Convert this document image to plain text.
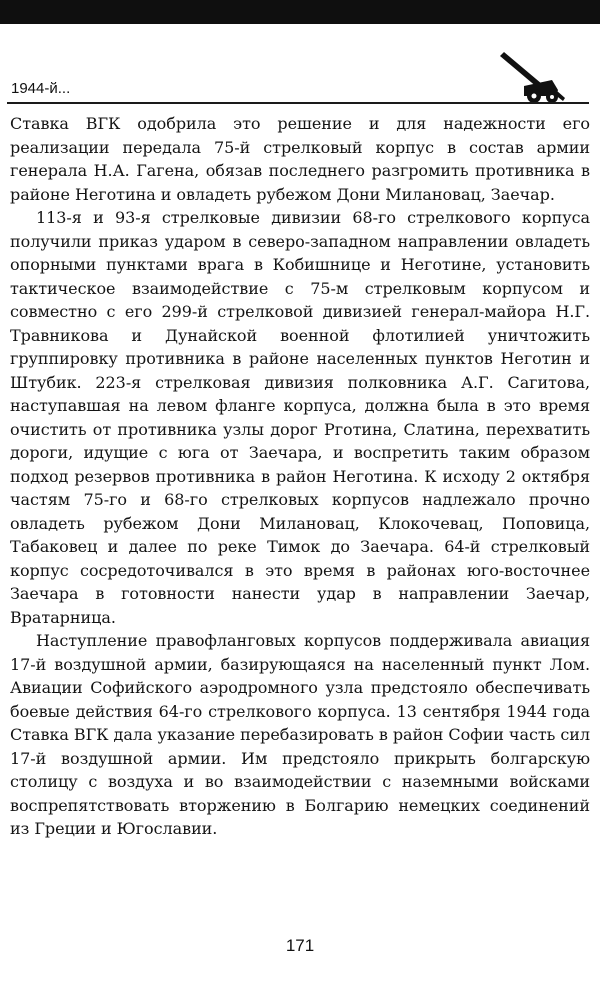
1944-й...

Ставка ВГК одобрила это решение и для надежности его реализации передала 75-й стрелковый корпус в состав армии генерала Н.А. Гагена, обязав последнего разгромить противника в районе Неготина и овладеть рубежом Дони Милановац, Заечар.

113-я и 93-я стрелковые дивизии 68-го стрелкового корпуса получили приказ ударом в северо-западном направлении овладеть опорными пунктами врага в Кобишнице и Неготине, установить тактическое взаимодействие с 75-м стрелковым корпусом и совместно с его 299-й стрелковой дивизией генерал-майора Н.Г. Травникова и Дунайской военной флотилией уничтожить группировку противника в районе населенных пунктов Неготин и Штубик. 223-я стрелковая дивизия полковника А.Г. Сагитова, наступавшая на левом фланге корпуса, должна была в это время очистить от противника узлы дорог Рготина, Слатина, перехватить дороги, идущие с юга от Заечара, и воспретить таким образом подход резервов противника в район Неготина. К исходу 2 октября частям 75-го и 68-го стрелковых корпусов надлежало прочно овладеть рубежом Дони Милановац, Клокочевац, Поповица, Табаковец и далее по реке Тимок до Заечара. 64-й стрелковый корпус сосредоточивался в это время в районах юго-восточнее Заечара в готовности нанести удар в направлении Заечар, Вратарница.

Наступление правофланговых корпусов поддерживала авиация 17-й воздушной армии, базирующаяся на населенный пункт Лом. Авиации Софийского аэродромного узла предстояло обеспечивать боевые действия 64-го стрелкового корпуса. 13 сентября 1944 года Ставка ВГК дала указание перебазировать в район Софии часть сил 17-й воздушной армии. Им предстояло прикрыть болгарскую столицу с воздуха и во взаимодействии с наземными войсками воспрепятствовать вторжению в Болгарию немецких соединений из Греции и Югославии.

171
